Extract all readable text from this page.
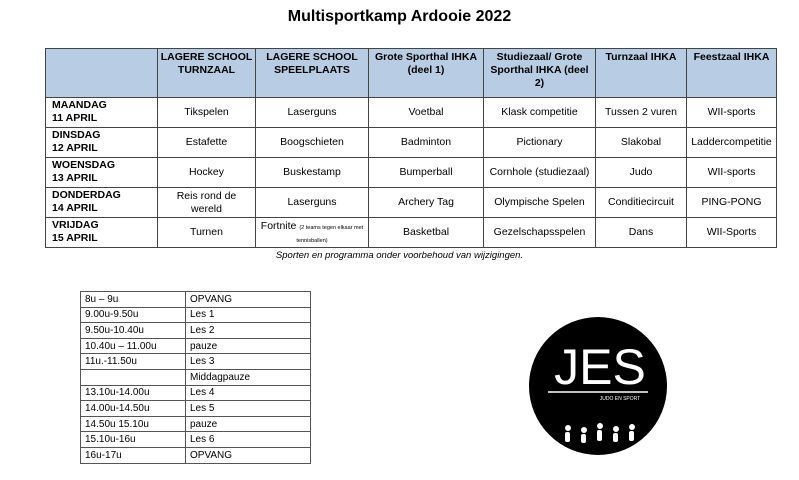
Multisportkamp Ardooie 2022
	LAGERE SCHOOL TURNZAAL	LAGERE SCHOOL SPEELPLAATS	Grote Sporthal IHKA (deel 1)	Studiezaal/ Grote Sporthal IHKA (deel 2)	Turnzaal IHKA	Feestzaal IHKA
MAANDAG
11 APRIL	Tikspelen	Laserguns	Voetbal	Klask competitie	Tussen 2 vuren	WII-sports
DINSDAG
12 APRIL	Estafette	Boogschieten	Badminton	Pictionary	Slakobal	Laddercompetitie
WOENSDAG
13 APRIL	Hockey	Buskestamp	Bumperball	Cornhole (studiezaal)	Judo	WII-sports
DONDERDAG
14 APRIL	Reis rond de wereld	Laserguns	Archery Tag	Olympische Spelen	Conditiecircuit	PING-PONG
VRIJDAG
15 APRIL	Turnen	Fortnite (2 teams tegen elkaar met tennisballen)	Basketbal	Gezelschapsspelen	Dans	WII-Sports
Sporten en programma onder voorbehoud van wijzigingen.
8u – 9u	OPVANG
9.00u-9.50u	Les 1
9.50u-10.40u	Les 2
10.40u – 11.00u	pauze
11u.-11.50u	Les 3
	Middagpauze
13.10u-14.00u	Les 4
14.00u-14.50u	Les 5
14.50u 15.10u	pauze
15.10u-16u	Les 6
16u-17u	OPVANG
JES
JUDO EN SPORT
